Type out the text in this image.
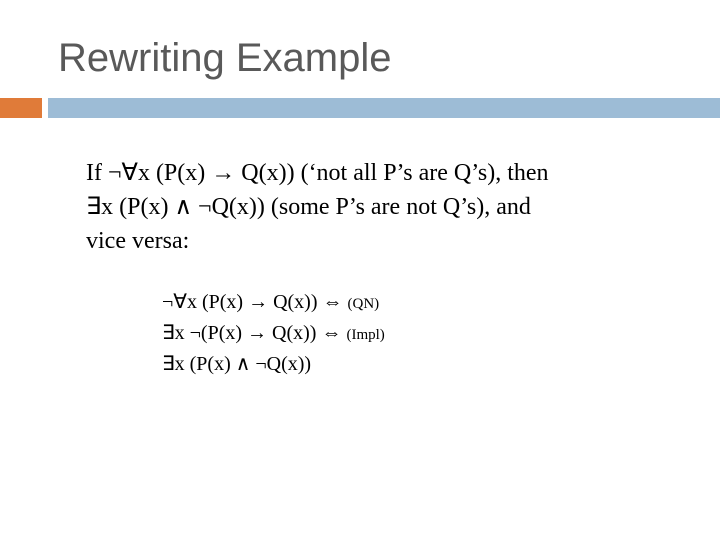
Rewriting Example
If ¬∀x (P(x) → Q(x)) (‘not all P’s are Q’s), then
∃x (P(x) ∧ ¬Q(x)) (some P’s are not Q’s), and
vice versa:
¬∀x (P(x) → Q(x)) ⇔ (QN)
∃x ¬(P(x) → Q(x)) ⇔ (Impl)
∃x (P(x) ∧ ¬Q(x))
